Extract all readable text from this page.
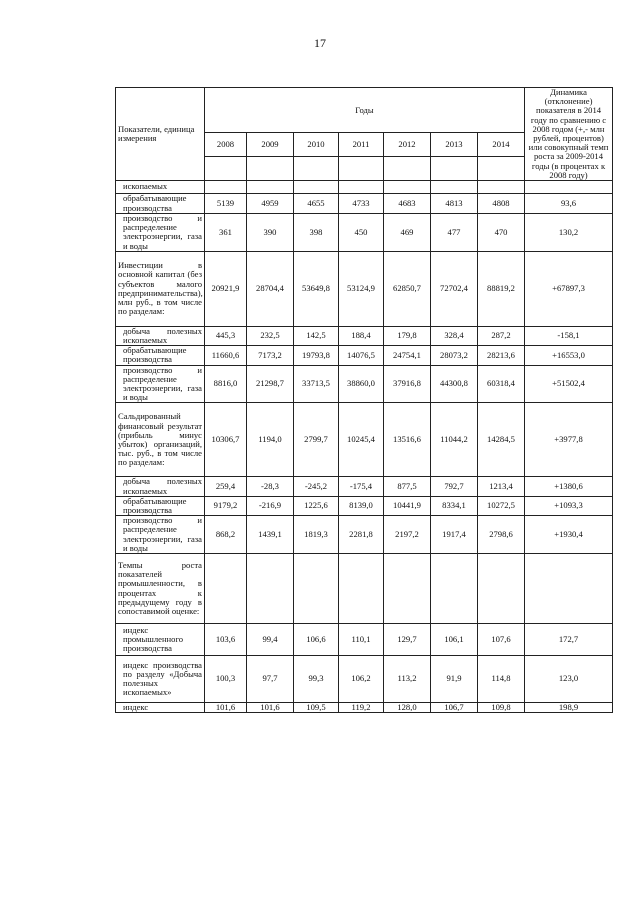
17
Показатели, единица измерения	Годы							Динамика (отклонение) показателя в 2014 году по сравнению с 2008 годом (+,- млн рублей, процентов) или совокупный темп роста за 2009-2014 годы (в процентах к 2008 году)
	2008	2009	2010	2011	2012	2013	2014	

ископаемых								
обрабатывающие производства	5139	4959	4655	4733	4683	4813	4808	93,6
производство и распределение электроэнергии, газа и воды	361	390	398	450	469	477	470	130,2
Инвестиции в основной капитал (без субъектов малого предпринимательства), млн руб., в том числе по разделам:	20921,9	28704,4	53649,8	53124,9	62850,7	72702,4	88819,2	+67897,3
добыча полезных ископаемых	445,3	232,5	142,5	188,4	179,8	328,4	287,2	-158,1
обрабатывающие производства	11660,6	7173,2	19793,8	14076,5	24754,1	28073,2	28213,6	+16553,0
производство и распределение электроэнергии, газа и воды	8816,0	21298,7	33713,5	38860,0	37916,8	44300,8	60318,4	+51502,4
Сальдированный финансовый результат (прибыль минус убыток) организаций, тыс. руб., в том числе по разделам:	10306,7	1194,0	2799,7	10245,4	13516,6	11044,2	14284,5	+3977,8
добыча полезных ископаемых	259,4	-28,3	-245,2	-175,4	877,5	792,7	1213,4	+1380,6
обрабатывающие производства	9179,2	-216,9	1225,6	8139,0	10441,9	8334,1	10272,5	+1093,3
производство и распределение электроэнергии, газа и воды	868,2	1439,1	1819,3	2281,8	2197,2	1917,4	2798,6	+1930,4
Темпы роста показателей промышленности, в процентах к предыдущему году в сопоставимой оценке:								
индекс промышленного производства	103,6	99,4	106,6	110,1	129,7	106,1	107,6	172,7
индекс производства по разделу «Добыча полезных ископаемых»	100,3	97,7	99,3	106,2	113,2	91,9	114,8	123,0
индекс	101,6	101,6	109,5	119,2	128,0	106,7	109,8	198,9
